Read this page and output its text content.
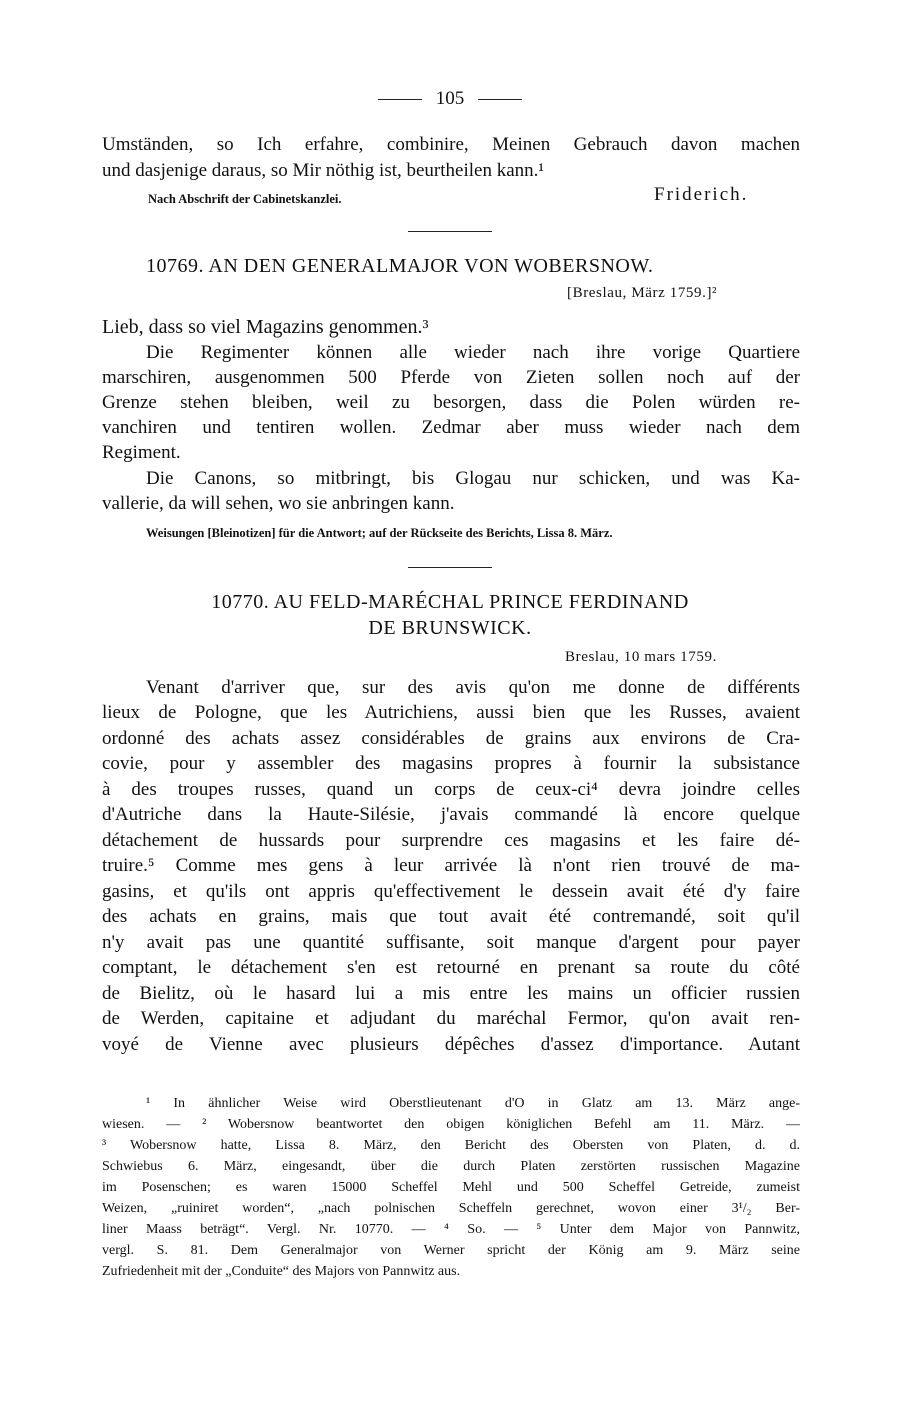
105
Umständen, so Ich erfahre, combinire, Meinen Gebrauch davon machen
und dasjenige daraus, so Mir nöthig ist, beurtheilen kann.¹
Nach Abschrift der Cabinetskanzlei.	Friderich.
10769. AN DEN GENERALMAJOR VON WOBERSNOW.
[Breslau, März 1759.]²
Lieb, dass so viel Magazins genommen.³
Die Regimenter können alle wieder nach ihre vorige Quartiere
marschiren, ausgenommen 500 Pferde von Zieten sollen noch auf der
Grenze stehen bleiben, weil zu besorgen, dass die Polen würden re-
vanchiren und tentiren wollen. Zedmar aber muss wieder nach dem
Regiment.
Die Canons, so mitbringt, bis Glogau nur schicken, und was Ka-
vallerie, da will sehen, wo sie anbringen kann.
Weisungen [Bleinotizen] für die Antwort; auf der Rückseite des Berichts, Lissa 8. März.
10770. AU FELD-MARÉCHAL PRINCE FERDINAND
DE BRUNSWICK.
Breslau, 10 mars 1759.
Venant d'arriver que, sur des avis qu'on me donne de différents
lieux de Pologne, que les Autrichiens, aussi bien que les Russes, avaient
ordonné des achats assez considérables de grains aux environs de Cra-
covie, pour y assembler des magasins propres à fournir la subsistance
à des troupes russes, quand un corps de ceux-ci⁴ devra joindre celles
d'Autriche dans la Haute-Silésie, j'avais commandé là encore quelque
détachement de hussards pour surprendre ces magasins et les faire dé-
truire.⁵ Comme mes gens à leur arrivée là n'ont rien trouvé de ma-
gasins, et qu'ils ont appris qu'effectivement le dessein avait été d'y faire
des achats en grains, mais que tout avait été contremandé, soit qu'il
n'y avait pas une quantité suffisante, soit manque d'argent pour payer
comptant, le détachement s'en est retourné en prenant sa route du côté
de Bielitz, où le hasard lui a mis entre les mains un officier russien
de Werden, capitaine et adjudant du maréchal Fermor, qu'on avait ren-
voyé de Vienne avec plusieurs dépêches d'assez d'importance. Autant
¹ In ähnlicher Weise wird Oberstlieutenant d'O in Glatz am 13. März ange-
wiesen. — ² Wobersnow beantwortet den obigen königlichen Befehl am 11. März. —
³ Wobersnow hatte, Lissa 8. März, den Bericht des Obersten von Platen, d. d.
Schwiebus 6. März, eingesandt, über die durch Platen zerstörten russischen Magazine
im Posenschen; es waren 15000 Scheffel Mehl und 500 Scheffel Getreide, zumeist
Weizen, „ruiniret worden“, „nach polnischen Scheffeln gerechnet, wovon einer 3¹/₂ Ber-
liner Maass beträgt“. Vergl. Nr. 10770. — ⁴ So. — ⁵ Unter dem Major von Pannwitz,
vergl. S. 81. Dem Generalmajor von Werner spricht der König am 9. März seine
Zufriedenheit mit der „Conduite“ des Majors von Pannwitz aus.
